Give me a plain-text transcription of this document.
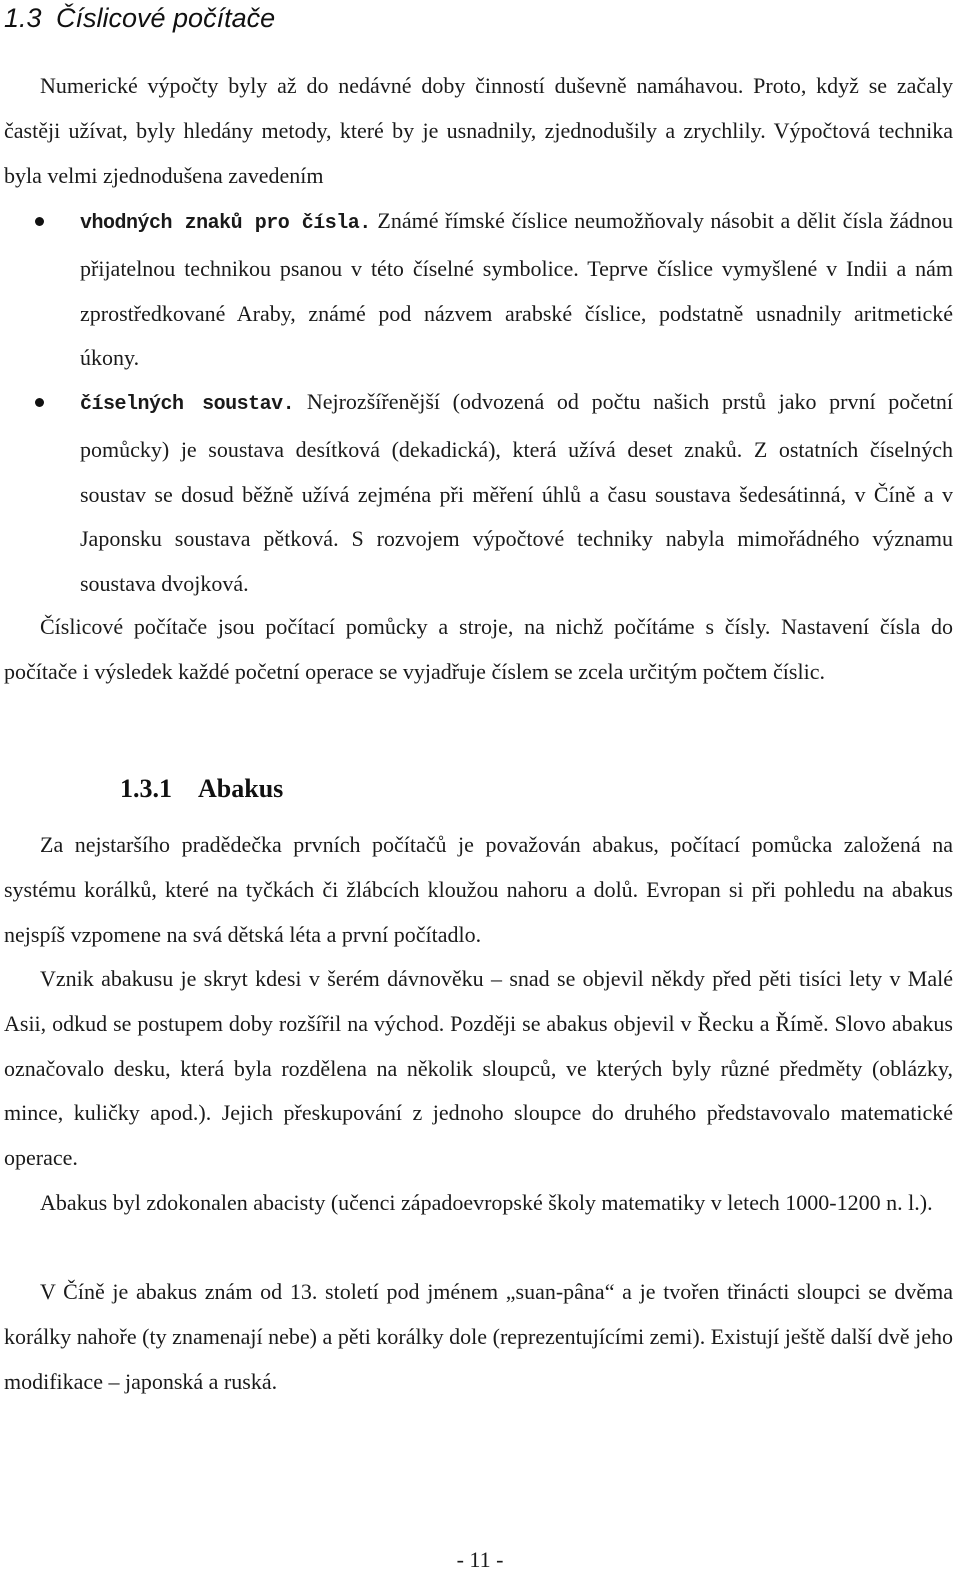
1.3 Číslicové počítače

Numerické výpočty byly až do nedávné doby činností duševně namáhavou. Proto, když se začaly častěji užívat, byly hledány metody, které by je usnadnily, zjednodušily a zrychlily. Výpočtová technika byla velmi zjednodušena zavedením

vhodných znaků pro čísla. Známé římské číslice neumožňovaly násobit a dělit čísla žádnou přijatelnou technikou psanou v této číselné symbolice. Teprve číslice vymyšlené v Indii a nám zprostředkované Araby, známé pod názvem arabské číslice, podstatně usnadnily aritmetické úkony.

číselných soustav. Nejrozšířenější (odvozená od počtu našich prstů jako první početní pomůcky) je soustava desítková (dekadická), která užívá deset znaků. Z ostatních číselných soustav se dosud běžně užívá zejména při měření úhlů a času soustava šedesátinná, v Číně a v Japonsku soustava pětková. S rozvojem výpočtové techniky nabyla mimořádného významu soustava dvojková.

Číslicové počítače jsou počítací pomůcky a stroje, na nichž počítáme s čísly. Nastavení čísla do počítače i výsledek každé početní operace se vyjadřuje číslem se zcela určitým počtem číslic.

1.3.1 Abakus

Za nejstaršího pradědečka prvních počítačů je považován abakus, počítací pomůcka založená na systému korálků, které na tyčkách či žlábcích kloužou nahoru a dolů. Evropan si při pohledu na abakus nejspíš vzpomene na svá dětská léta a první počítadlo.

Vznik abakusu je skryt kdesi v šerém dávnověku – snad se objevil někdy před pěti tisíci lety v Malé Asii, odkud se postupem doby rozšířil na východ. Později se abakus objevil v Řecku a Římě. Slovo abakus označovalo desku, která byla rozdělena na několik sloupců, ve kterých byly různé předměty (oblázky, mince, kuličky apod.). Jejich přeskupování z jednoho sloupce do druhého představovalo matematické operace.

Abakus byl zdokonalen abacisty (učenci západoevropské školy matematiky v letech 1000-1200 n. l.).

V Číně je abakus znám od 13. století pod jménem „suan-pâna“ a je tvořen třinácti sloupci se dvěma korálky nahoře (ty znamenají nebe) a pěti korálky dole (reprezentujícími zemi). Existují ještě další dvě jeho modifikace – japonská a ruská.

- 11 -
